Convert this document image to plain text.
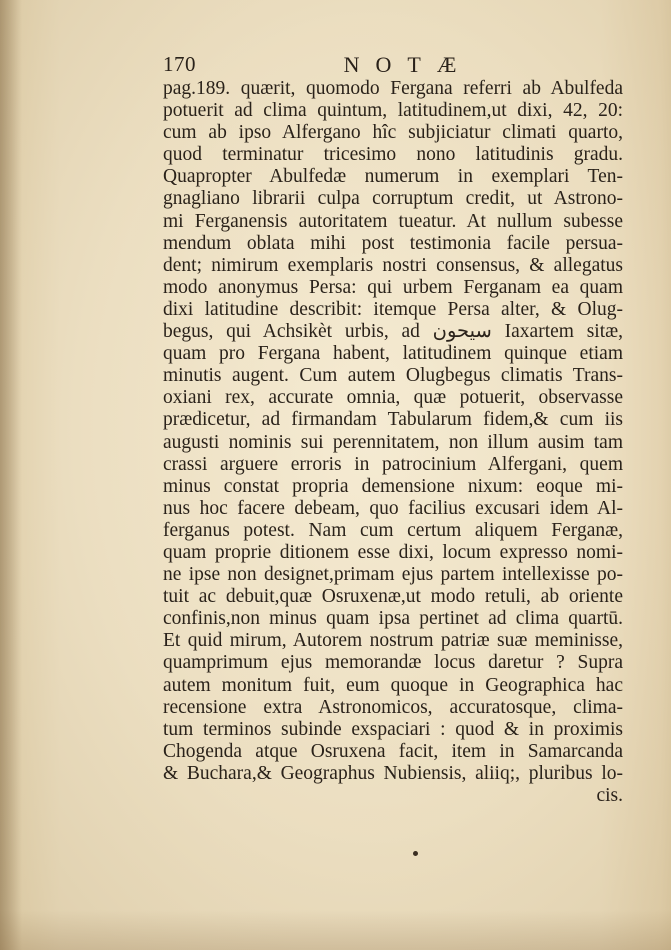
170	NOTÆ
pag.189. quærit, quomodo Fergana referri ab Abulfeda
potuerit ad clima quintum, latitudinem,ut dixi, 42, 20:
cum ab ipso Alfergano hîc subjiciatur climati quarto,
quod terminatur tricesimo nono latitudinis gradu.
Quapropter Abulfedæ numerum in exemplari Ten-
gnagliano librarii culpa corruptum credit, ut Astrono-
mi Ferganensis autoritatem tueatur. At nullum subesse
mendum oblata mihi post testimonia facile persua-
dent; nimirum exemplaris nostri consensus, & allegatus
modo anonymus Persa: qui urbem Ferganam ea quam
dixi latitudine describit: itemque Persa alter, & Olug-
begus, qui Achsikèt urbis, ad سيحون Iaxartem sitæ,
quam pro Fergana habent, latitudinem quinque etiam
minutis augent. Cum autem Olugbegus climatis Trans-
oxiani rex, accurate omnia, quæ potuerit, observasse
prædicetur, ad firmandam Tabularum fidem,& cum iis
augusti nominis sui perennitatem, non illum ausim tam
crassi arguere erroris in patrocinium Alfergani, quem
minus constat propria demensione nixum: eoque mi-
nus hoc facere debeam, quo facilius excusari idem Al-
ferganus potest. Nam cum certum aliquem Ferganæ,
quam proprie ditionem esse dixi, locum expresso nomi-
ne ipse non designet,primam ejus partem intellexisse po-
tuit ac debuit,quæ Osruxenæ,ut modo retuli, ab oriente
confinis,non minus quam ipsa pertinet ad clima quartū.
Et quid mirum, Autorem nostrum patriæ suæ meminisse,
quamprimum ejus memorandæ locus daretur ? Supra
autem monitum fuit, eum quoque in Geographica hac
recensione extra Astronomicos, accuratosque, clima-
tum terminos subinde exspaciari : quod & in proximis
Chogenda atque Osruxena facit, item in Samarcanda
& Buchara,& Geographus Nubiensis, aliiq;, pluribus lo-
cis.
